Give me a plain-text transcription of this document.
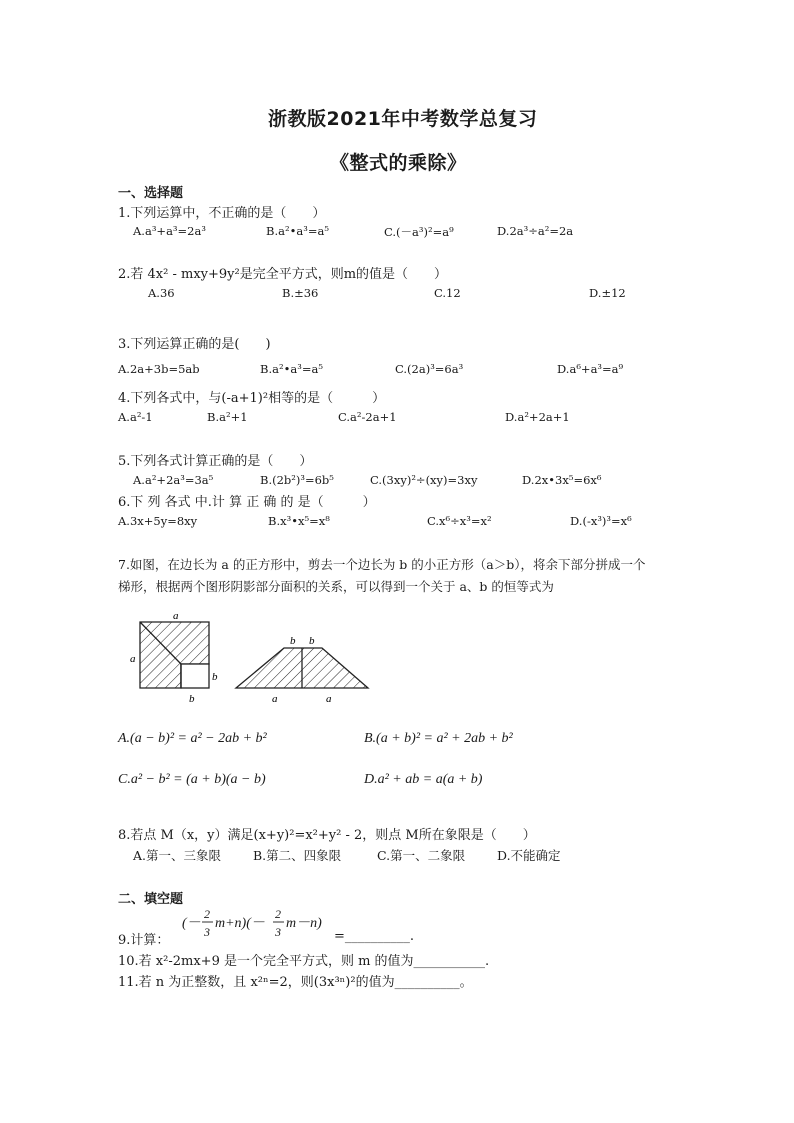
浙教版2021年中考数学总复习
《整式的乘除》
一、选择题
1.下列运算中，不正确的是（　　）
A.a³+a³=2a³	B.a²•a³=a⁵	C.(－a³)²=a⁹	D.2a³÷a²=2a
2.若 4x² - mxy+9y²是完全平方式，则m的值是（　　）
A.36	B.±36	C.12	D.±12
3.下列运算正确的是(　　)
A.2a+3b=5ab	B.a²•a³=a⁵	C.(2a)³=6a³	D.a⁶+a³=a⁹
4.下列各式中，与(-a+1)²相等的是（　　　）
A.a²-1	B.a²+1	C.a²-2a+1	D.a²+2a+1
5.下列各式计算正确的是（　　）
A.a²+2a³=3a⁵	B.(2b²)³=6b⁵	C.(3xy)²÷(xy)=3xy	D.2x•3x⁵=6x⁶
6.下 列 各式 中.计 算 正 确 的 是（　　　）
A.3x+5y=8xy	B.x³•x⁵=x⁸	C.x⁶÷x³=x²	D.(-x³)³=x⁶
7.如图，在边长为 a 的正方形中，剪去一个边长为 b 的小正方形（a＞b），将余下部分拼成一个
梯形，根据两个图形阴影部分面积的关系，可以得到一个关于 a、b 的恒等式为
a
a
b
b
b b
a	a
A.(a − b)² = a² − 2ab + b²	B.(a + b)² = a² + 2ab + b²
C.a² − b² = (a + b)(a − b)	D.a² + ab = a(a + b)
8.若点 M（x，y）满足(x+y)²=x²+y² - 2，则点 M所在象限是（　　）
A.第一、三象限	B.第二、四象限	C.第一、二象限	D.不能确定
二、填空题
9.计算：
(－
2
3
m+n)(－
2
3
m－n)
=__________.
10.若 x²-2mx+9 是一个完全平方式，则 m 的值为___________.
11.若 n 为正整数，且 x²ⁿ=2，则(3x³ⁿ)²的值为__________。
